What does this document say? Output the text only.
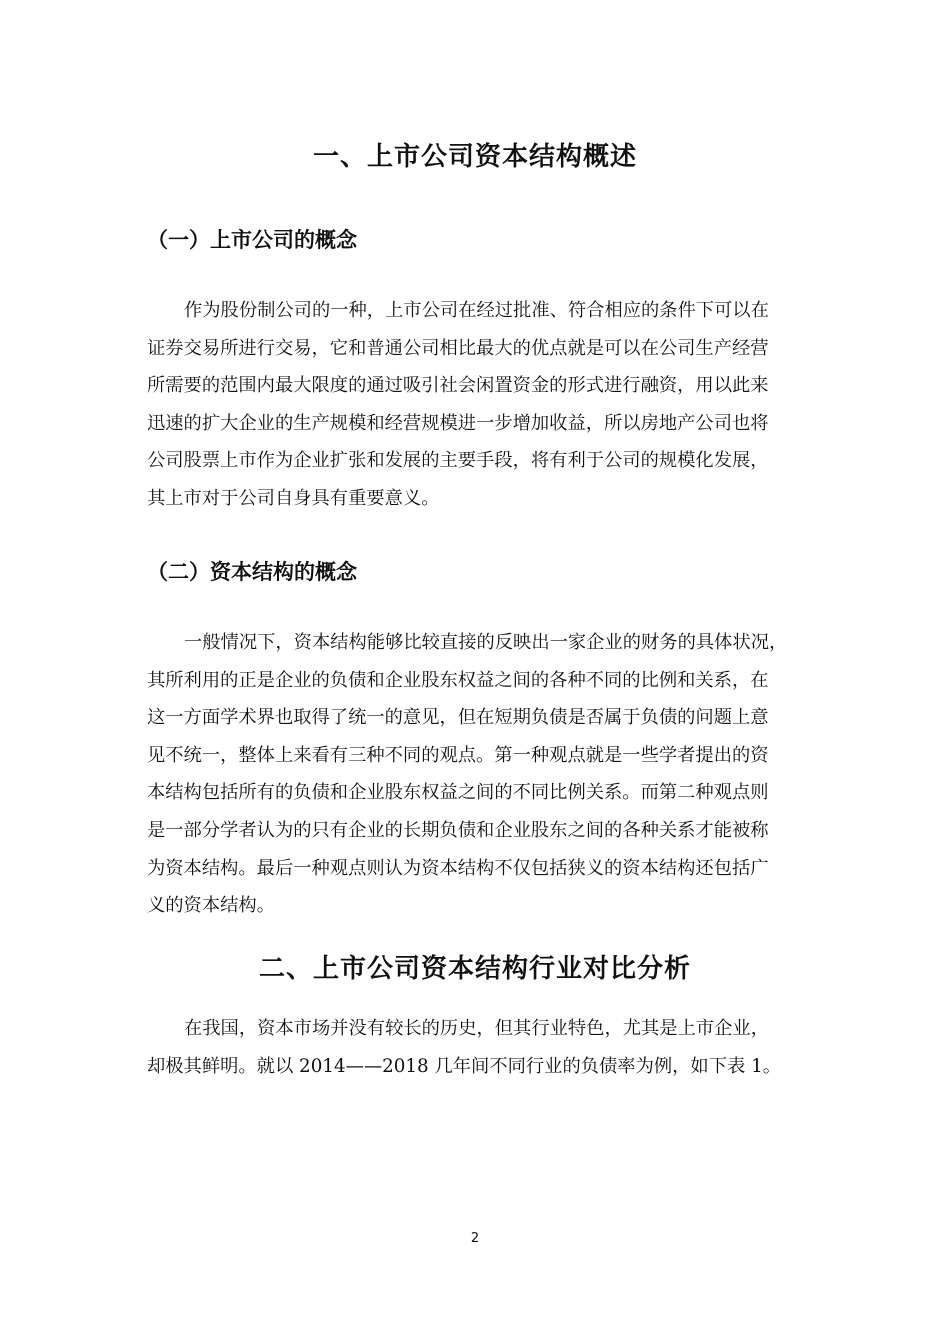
一、上市公司资本结构概述
（一）上市公司的概念

作为股份制公司的一种，上市公司在经过批准、符合相应的条件下可以在
证券交易所进行交易，它和普通公司相比最大的优点就是可以在公司生产经营
所需要的范围内最大限度的通过吸引社会闲置资金的形式进行融资，用以此来
迅速的扩大企业的生产规模和经营规模进一步增加收益，所以房地产公司也将
公司股票上市作为企业扩张和发展的主要手段，将有利于公司的规模化发展，
其上市对于公司自身具有重要意义。

（二）资本结构的概念

一般情况下，资本结构能够比较直接的反映出一家企业的财务的具体状况，
其所利用的正是企业的负债和企业股东权益之间的各种不同的比例和关系，在
这一方面学术界也取得了统一的意见，但在短期负债是否属于负债的问题上意
见不统一，整体上来看有三种不同的观点。第一种观点就是一些学者提出的资
本结构包括所有的负债和企业股东权益之间的不同比例关系。而第二种观点则
是一部分学者认为的只有企业的长期负债和企业股东之间的各种关系才能被称
为资本结构。最后一种观点则认为资本结构不仅包括狭义的资本结构还包括广
义的资本结构。

二、上市公司资本结构行业对比分析

在我国，资本市场并没有较长的历史，但其行业特色，尤其是上市企业，
却极其鲜明。就以 2014——2018 几年间不同行业的负债率为例，如下表 1。

2
